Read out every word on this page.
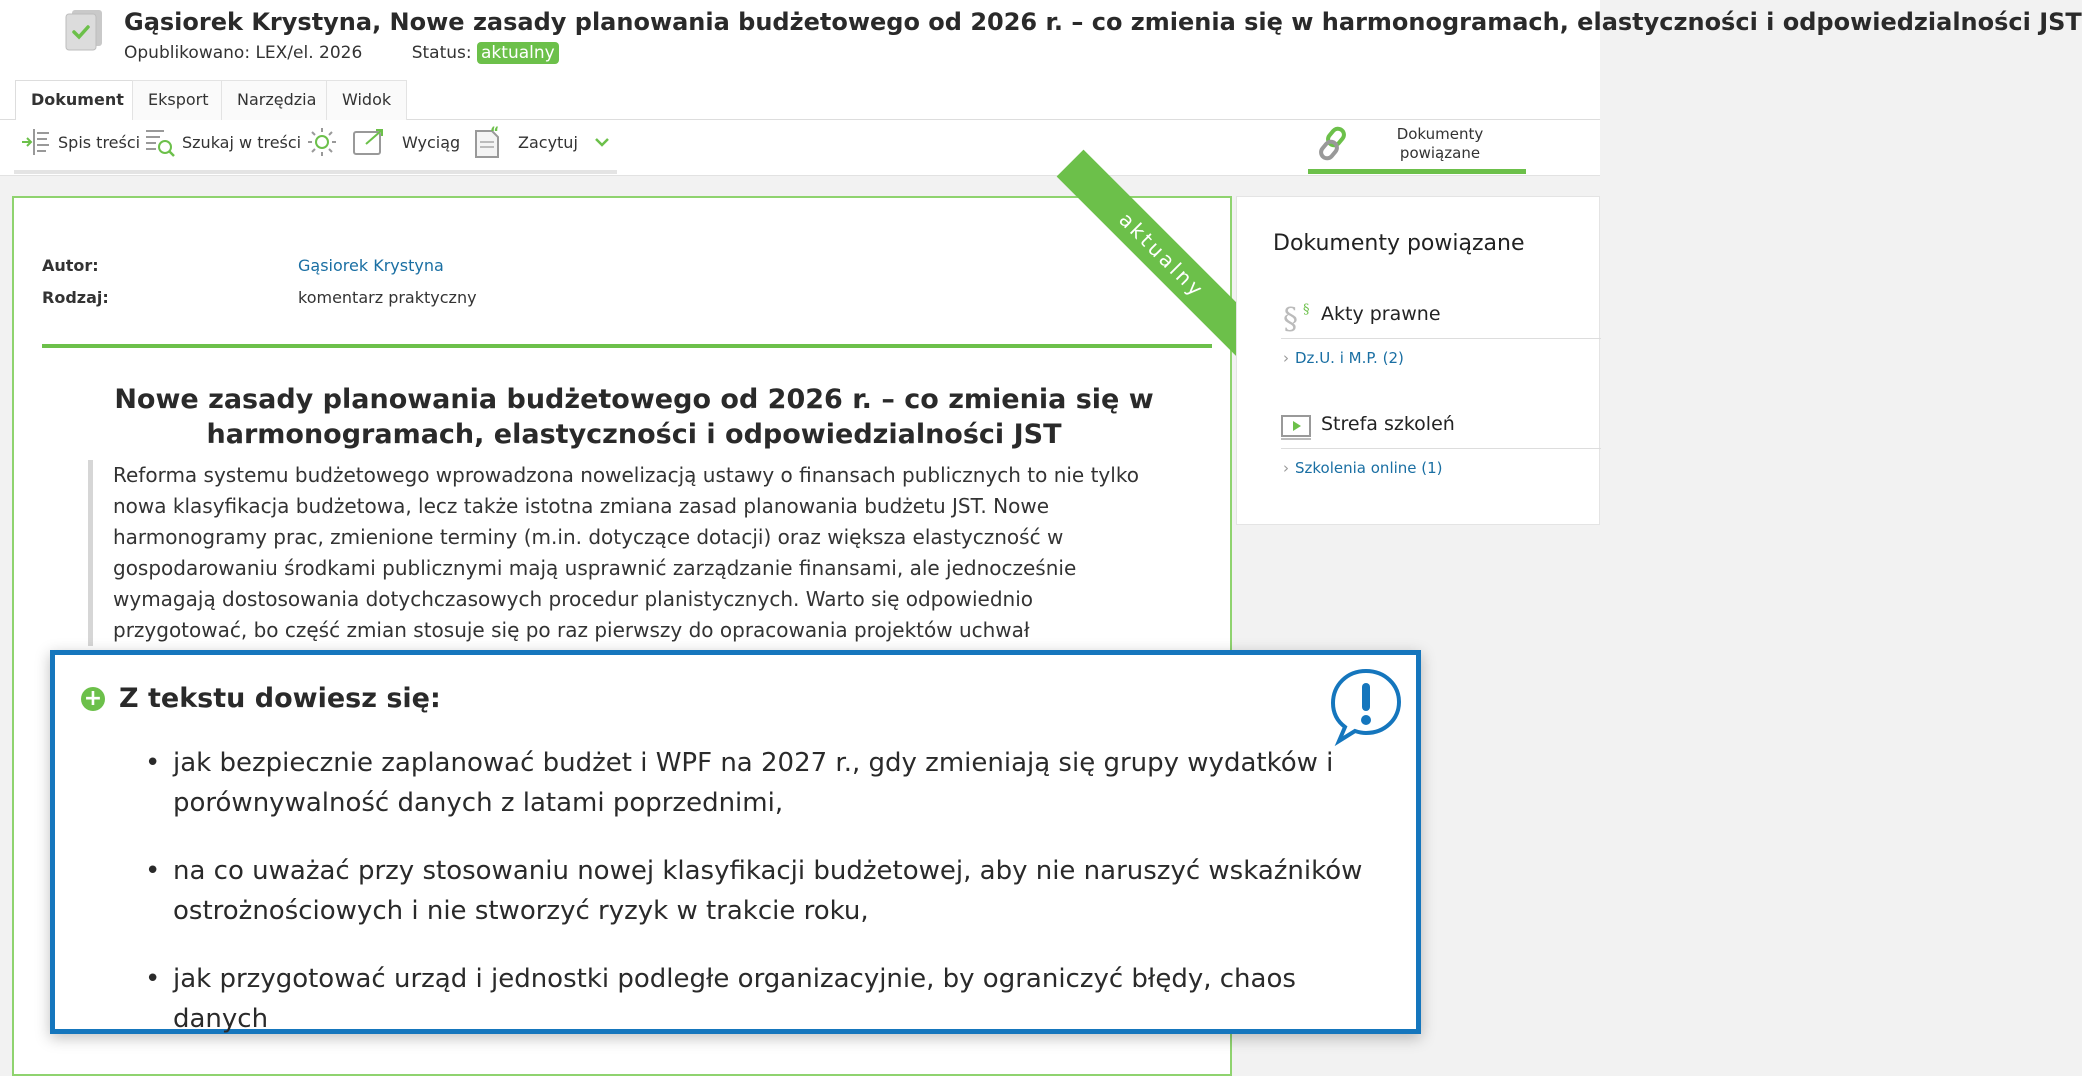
Gąsiorek Krystyna, Nowe zasady planowania budżetowego od 2026 r. – co zmienia się w harmonogramach, elastyczności i odpowiedzialności JST
Opublikowano: LEX/el. 2026	Status: aktualny
Dokument	Eksport	Narzędzia	Widok
Spis treści	Szukaj w treści	Wyciąg “ Zacytuj	Dokumenty powiązane
aktualny
Autor:	Gąsiorek Krystyna
Rodzaj:	komentarz praktyczny
Nowe zasady planowania budżetowego od 2026 r. – co zmienia się w harmonogramach, elastyczności i odpowiedzialności JST
Reforma systemu budżetowego wprowadzona nowelizacją ustawy o finansach publicznych to nie tylko nowa klasyfikacja budżetowa, lecz także istotna zmiana zasad planowania budżetu JST. Nowe harmonogramy prac, zmienione terminy (m.in. dotyczące dotacji) oraz większa elastyczność w gospodarowaniu środkami publicznymi mają usprawnić zarządzanie finansami, ale jednocześnie wymagają dostosowania dotychczasowych procedur planistycznych. Warto się odpowiednio przygotować, bo część zmian stosuje się po raz pierwszy do opracowania projektów uchwał
Dokumenty powiązane
§ § Akty prawne
› Dz.U. i M.P. (2)
Strefa szkoleń
› Szkolenia online (1)
+ Z tekstu dowiesz się:
• jak bezpiecznie zaplanować budżet i WPF na 2027 r., gdy zmieniają się grupy wydatków i porównywalność danych z latami poprzednimi,
• na co uważać przy stosowaniu nowej klasyfikacji budżetowej, aby nie naruszyć wskaźników ostrożnościowych i nie stworzyć ryzyk w trakcie roku,
• jak przygotować urząd i jednostki podległe organizacyjnie, by ograniczyć błędy, chaos danych
